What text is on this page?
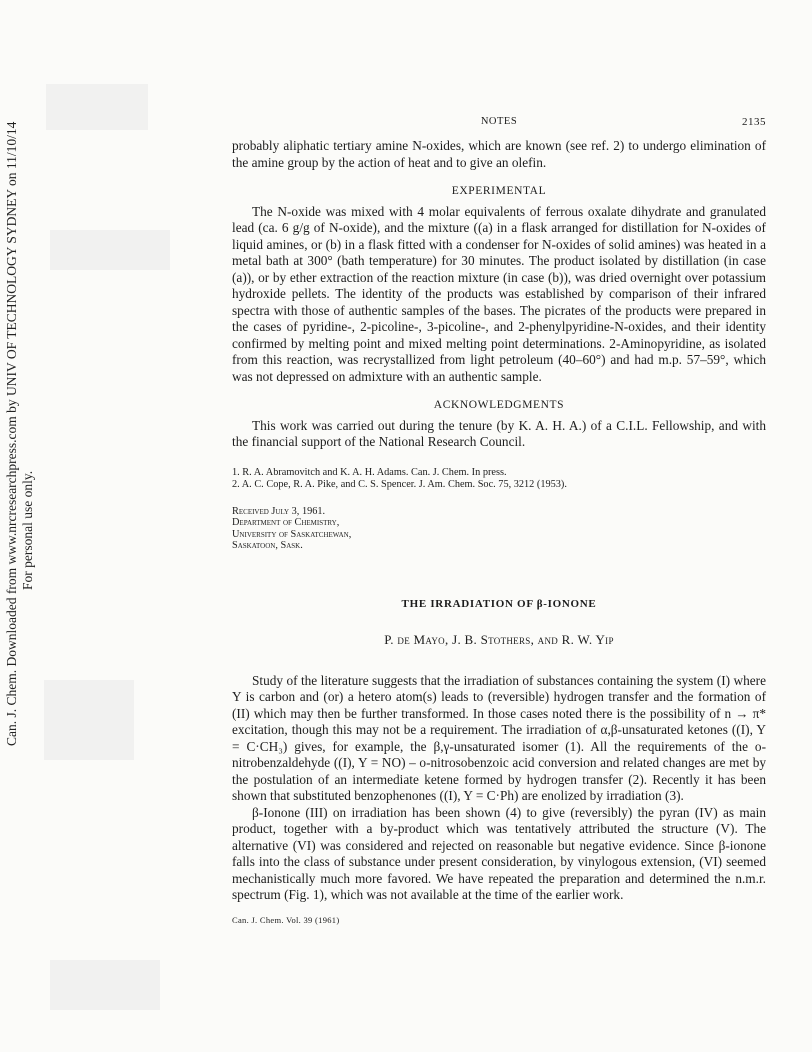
Can. J. Chem. Downloaded from www.nrcresearchpress.com by UNIV OF TECHNOLOGY SYDNEY on 11/10/14 For personal use only.
NOTES	2135

probably aliphatic tertiary amine N-oxides, which are known (see ref. 2) to undergo elimination of the amine group by the action of heat and to give an olefin.

EXPERIMENTAL

The N-oxide was mixed with 4 molar equivalents of ferrous oxalate dihydrate and granulated lead (ca. 6 g/g of N-oxide), and the mixture ((a) in a flask arranged for distillation for N-oxides of liquid amines, or (b) in a flask fitted with a condenser for N-oxides of solid amines) was heated in a metal bath at 300° (bath temperature) for 30 minutes. The product isolated by distillation (in case (a)), or by ether extraction of the reaction mixture (in case (b)), was dried overnight over potassium hydroxide pellets. The identity of the products was established by comparison of their infrared spectra with those of authentic samples of the bases. The picrates of the products were prepared in the cases of pyridine-, 2-picoline-, 3-picoline-, and 2-phenylpyridine-N-oxides, and their identity confirmed by melting point and mixed melting point determinations. 2-Aminopyridine, as isolated from this reaction, was recrystallized from light petroleum (40–60°) and had m.p. 57–59°, which was not depressed on admixture with an authentic sample.

ACKNOWLEDGMENTS

This work was carried out during the tenure (by K. A. H. A.) of a C.I.L. Fellowship, and with the financial support of the National Research Council.

1. R. A. Abramovitch and K. A. H. Adams. Can. J. Chem. In press.
2. A. C. Cope, R. A. Pike, and C. S. Spencer. J. Am. Chem. Soc. 75, 3212 (1953).
Received July 3, 1961.
Department of Chemistry,
University of Saskatchewan,
Saskatoon, Sask.

THE IRRADIATION OF β-IONONE

P. de Mayo, J. B. Stothers, and R. W. Yip

Study of the literature suggests that the irradiation of substances containing the system (I) where Y is carbon and (or) a hetero atom(s) leads to (reversible) hydrogen transfer and the formation of (II) which may then be further transformed. In those cases noted there is the possibility of n → π* excitation, though this may not be a requirement. The irradiation of α,β-unsaturated ketones ((I), Y = C·CH₃) gives, for example, the β,γ-unsaturated isomer (1). All the requirements of the o-nitrobenzaldehyde ((I), Y = NO) – o-nitrosobenzoic acid conversion and related changes are met by the postulation of an intermediate ketene formed by hydrogen transfer (2). Recently it has been shown that substituted benzophenones ((I), Y = C·Ph) are enolized by irradiation (3).

β-Ionone (III) on irradiation has been shown (4) to give (reversibly) the pyran (IV) as main product, together with a by-product which was tentatively attributed the structure (V). The alternative (VI) was considered and rejected on reasonable but negative evidence. Since β-ionone falls into the class of substance under present consideration, by vinylogous extension, (VI) seemed mechanistically much more favored. We have repeated the preparation and determined the n.m.r. spectrum (Fig. 1), which was not available at the time of the earlier work.

Can. J. Chem. Vol. 39 (1961)
